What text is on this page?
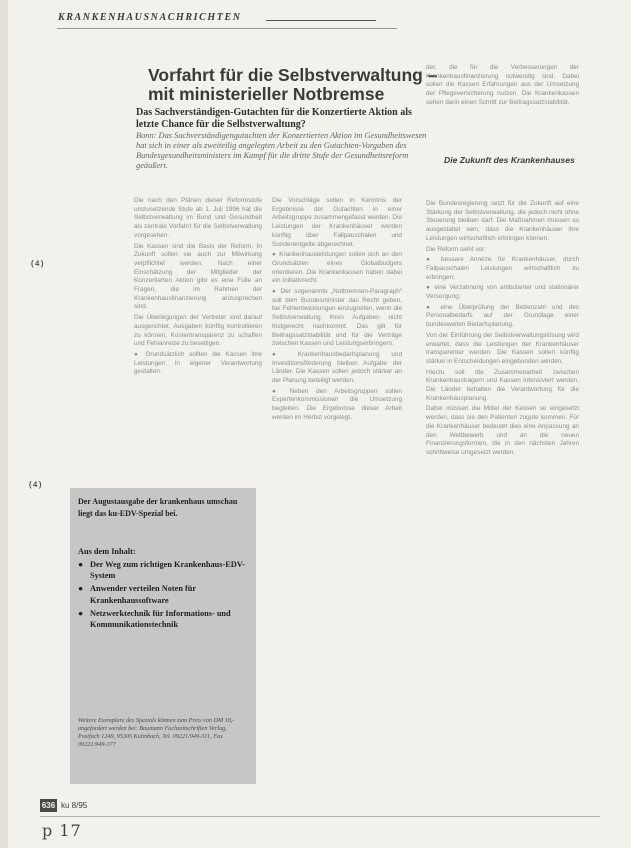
KRANKENHAUSNACHRICHTEN
Vorfahrt für die Selbstverwaltung – mit ministerieller Notbremse

Das Sachverständigen-Gutachten für die Konzertierte Aktion als letzte Chance für die Selbstverwaltung?

Bonn: Das Sachverständigengutachten der Konzertierten Aktion im Gesundheitswesen hat sich in einer als zweiteilig angelegten Arbeit zu den Gutachten-Vorgaben des Bundesgesundheitsministers im Kampf für die dritte Stufe der Gesundheitsreform geäußert.

Die nach den Plänen dieser Reformstufe umzusetzende Stufe ab 1. Juli 1996 hat die Selbstverwaltung im Bund und Gesundheit als zentrale Vorfahrt für die Selbstverwaltung vorgesehen.

Die Kassen sind die Basis der Reform. In Zukunft sollen sie auch zur Mitwirkung verpflichtet werden. Nach einer Einschätzung der Mitglieder der Konzertierten Aktion gibt es eine Fülle an Fragen, die im Rahmen der Krankenhausfinanzierung anzusprechen sind.

Die Überlegungen der Vertreter sind darauf ausgerichtet, Ausgaben künftig kontrollieren zu können, Kostentransparenz zu schaffen und Fehlanreize zu beseitigen.

● Grundsätzlich sollten die Kassen ihre Leistungen in eigener Verantwortung gestalten.

Die Vorschläge sollen in Kenntnis der Ergebnisse der Gutachten in einer Arbeitsgruppe zusammengefasst werden. Die Leistungen der Krankenhäuser werden künftig über Fallpauschalen und Sonderentgelte abgerechnet.

● Krankenhausleistungen sollen sich an den Grundsätzen eines Globalbudgets orientieren. Die Krankenkassen haben dabei ein Initiativrecht.

● Der sogenannte „Notbremsen-Paragraph“ soll dem Bundesminister das Recht geben, bei Fehlentwicklungen einzugreifen, wenn die Selbstverwaltung ihren Aufgaben nicht fristgerecht nachkommt. Das gilt für Beitragssatzstabilität und für die Verträge zwischen Kassen und Leistungserbringern.

● Krankenhausbedarfsplanung und Investitionsförderung bleiben Aufgabe der Länder. Die Kassen sollen jedoch stärker an der Planung beteiligt werden.

● Neben den Arbeitsgruppen sollen Expertenkommissionen die Umsetzung begleiten. Die Ergebnisse dieser Arbeit werden im Herbst vorgelegt.

der, die für die Verbesserungen der Krankenhausfinanzierung notwendig sind. Dabei sollen die Kassen Erfahrungen aus der Umsetzung der Pflegeversicherung nutzen. Die Krankenkassen sehen darin einen Schritt zur Beitragssatzstabilität.

Die Zukunft des Krankenhauses

Die Bundesregierung setzt für die Zukunft auf eine Stärkung der Selbstverwaltung, die jedoch nicht ohne Steuerung bleiben darf. Die Maßnahmen müssen so ausgestaltet sein, dass die Krankenhäuser ihre Leistungen wirtschaftlich erbringen können.

Die Reform sieht vor:

● bessere Anreize für Krankenhäuser, durch Fallpauschalen Leistungen wirtschaftlich zu erbringen;

● eine Verzahnung von ambulanter und stationärer Versorgung;

● eine Überprüfung der Bettenzahl und des Personalbedarfs auf der Grundlage einer bundesweiten Bedarfsplanung.

Von der Einführung der Selbstverwaltungslösung wird erwartet, dass die Leistungen der Krankenhäuser transparenter werden. Die Kassen sollen künftig stärker in Entscheidungen eingebunden werden.

Hierzu soll die Zusammenarbeit zwischen Krankenhausträgern und Kassen intensiviert werden. Die Länder behalten die Verantwortung für die Krankenhausplanung.

Dabei müssen die Mittel der Kassen so eingesetzt werden, dass sie den Patienten zugute kommen. Für die Krankenhäuser bedeutet dies eine Anpassung an den Wettbewerb und an die neuen Finanzierungsformen, die in den nächsten Jahren schrittweise umgesetzt werden.

Der Augustausgabe der krankenhaus umschau liegt das ku-EDV-Spezial bei.

Aus dem Inhalt:

● Der Weg zum richtigen Krankenhaus-EDV-System
● Anwender verteilen Noten für Krankenhaussoftware
● Netzwerktechnik für Informations- und Kommunikationstechnik

Weitere Exemplare des Spezials können zum Preis von DM 18,- angefordert werden bei: Baumann Fachzeitschriften Verlag, Postfach 1249, 95305 Kulmbach, Tel. 09221/949-311, Fax 09221/949-377

(4)
(4)
636 ku 8/95
p 17
